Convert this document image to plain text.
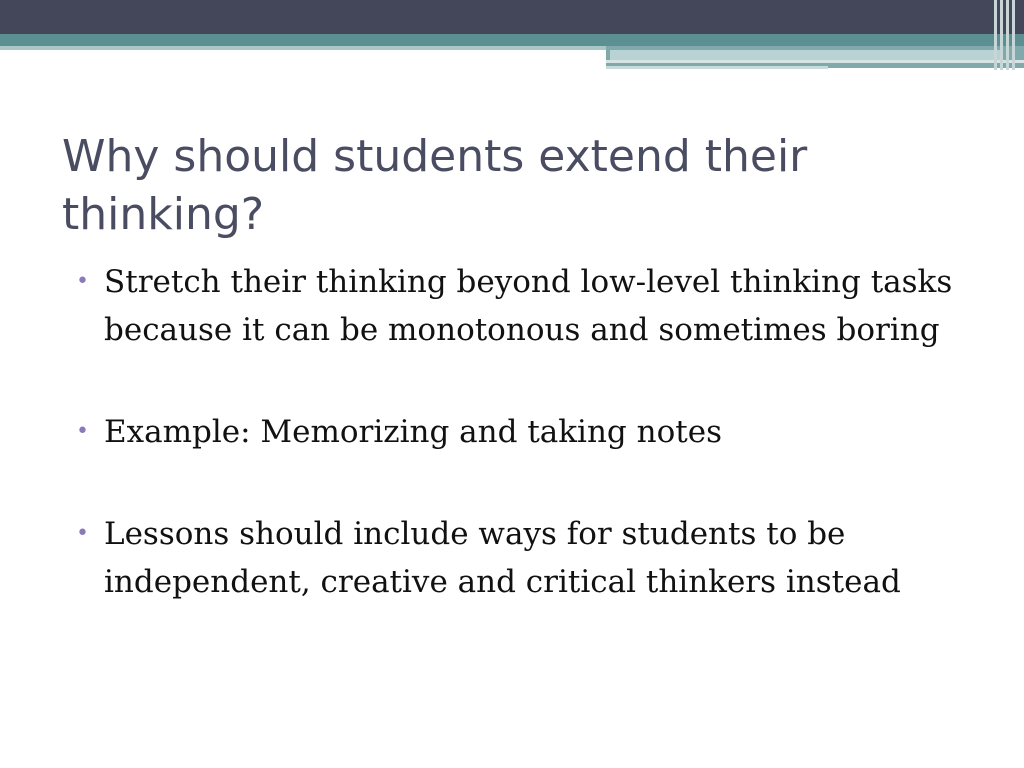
Why should students extend their thinking?
• Stretch their thinking beyond low-level thinking tasks because it can be monotonous and sometimes boring
• Example: Memorizing and taking notes
• Lessons should include ways for students to be independent, creative and critical thinkers instead
